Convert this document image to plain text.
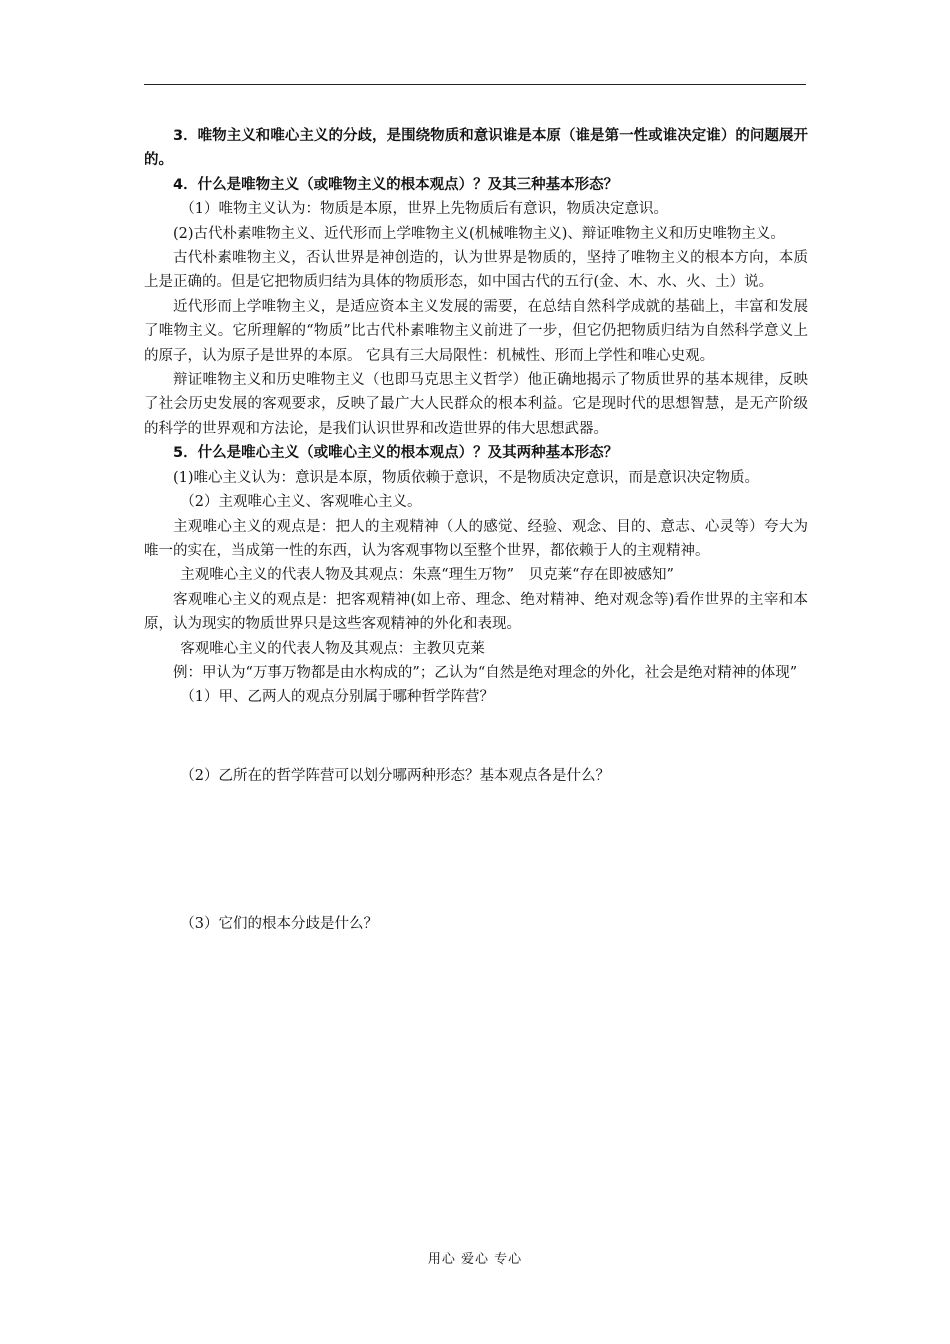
3．唯物主义和唯心主义的分歧，是围绕物质和意识谁是本原（谁是第一性或谁决定谁）的问题展开的。

4．什么是唯物主义（或唯物主义的根本观点）？及其三种基本形态？

（1）唯物主义认为：物质是本原，世界上先物质后有意识，物质决定意识。

(2)古代朴素唯物主义、近代形而上学唯物主义(机械唯物主义)、辩证唯物主义和历史唯物主义。

古代朴素唯物主义，否认世界是神创造的，认为世界是物质的，坚持了唯物主义的根本方向，本质上是正确的。但是它把物质归结为具体的物质形态，如中国古代的五行(金、木、水、火、土）说。

近代形而上学唯物主义，是适应资本主义发展的需要，在总结自然科学成就的基础上，丰富和发展了唯物主义。它所理解的“物质”比古代朴素唯物主义前进了一步，但它仍把物质归结为自然科学意义上的原子，认为原子是世界的本原。 它具有三大局限性：机械性、形而上学性和唯心史观。

辩证唯物主义和历史唯物主义（也即马克思主义哲学）他正确地揭示了物质世界的基本规律，反映了社会历史发展的客观要求，反映了最广大人民群众的根本利益。它是现时代的思想智慧，是无产阶级的科学的世界观和方法论，是我们认识世界和改造世界的伟大思想武器。

5．什么是唯心主义（或唯心主义的根本观点）？及其两种基本形态？

(1)唯心主义认为：意识是本原，物质依赖于意识，不是物质决定意识，而是意识决定物质。

（2）主观唯心主义、客观唯心主义。

主观唯心主义的观点是：把人的主观精神（人的感觉、经验、观念、目的、意志、心灵等）夸大为唯一的实在，当成第一性的东西，认为客观事物以至整个世界，都依赖于人的主观精神。

主观唯心主义的代表人物及其观点：朱熹“理生万物”　贝克莱“存在即被感知”

客观唯心主义的观点是：把客观精神(如上帝、理念、绝对精神、绝对观念等)看作世界的主宰和本原，认为现实的物质世界只是这些客观精神的外化和表现。

客观唯心主义的代表人物及其观点：主教贝克莱

例：甲认为“万事万物都是由水构成的”；乙认为“自然是绝对理念的外化，社会是绝对精神的体现”

（1）甲、乙两人的观点分别属于哪种哲学阵营？

（2）乙所在的哲学阵营可以划分哪两种形态？基本观点各是什么？

（3）它们的根本分歧是什么？

用心 爱心 专心
